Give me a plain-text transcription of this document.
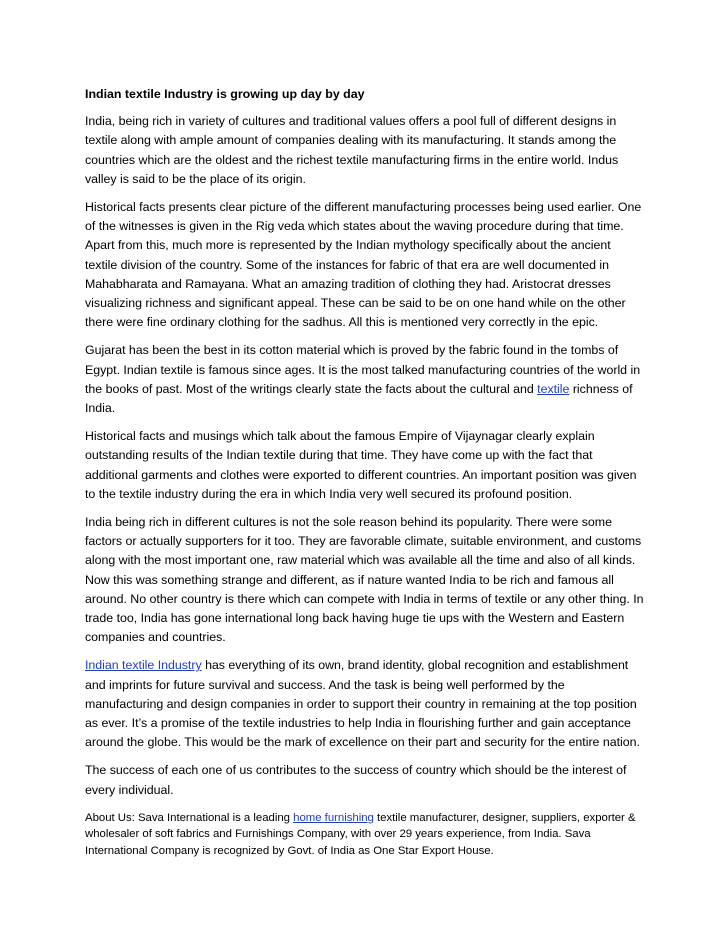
Indian textile Industry is growing up day by day

India, being rich in variety of cultures and traditional values offers a pool full of different designs in textile along with ample amount of companies dealing with its manufacturing. It stands among the countries which are the oldest and the richest textile manufacturing firms in the entire world. Indus valley is said to be the place of its origin.

Historical facts presents clear picture of the different manufacturing processes being used earlier. One of the witnesses is given in the Rig veda which states about the waving procedure during that time. Apart from this, much more is represented by the Indian mythology specifically about the ancient textile division of the country. Some of the instances for fabric of that era are well documented in Mahabharata and Ramayana. What an amazing tradition of clothing they had. Aristocrat dresses visualizing richness and significant appeal. These can be said to be on one hand while on the other there were fine ordinary clothing for the sadhus. All this is mentioned very correctly in the epic.

Gujarat has been the best in its cotton material which is proved by the fabric found in the tombs of Egypt. Indian textile is famous since ages. It is the most talked manufacturing countries of the world in the books of past. Most of the writings clearly state the facts about the cultural and textile richness of India.

Historical facts and musings which talk about the famous Empire of Vijaynagar clearly explain outstanding results of the Indian textile during that time. They have come up with the fact that additional garments and clothes were exported to different countries. An important position was given to the textile industry during the era in which India very well secured its profound position.

India being rich in different cultures is not the sole reason behind its popularity. There were some factors or actually supporters for it too. They are favorable climate, suitable environment, and customs along with the most important one, raw material which was available all the time and also of all kinds. Now this was something strange and different, as if nature wanted India to be rich and famous all around. No other country is there which can compete with India in terms of textile or any other thing. In trade too, India has gone international long back having huge tie ups with the Western and Eastern companies and countries.

Indian textile Industry has everything of its own, brand identity, global recognition and establishment and imprints for future survival and success. And the task is being well performed by the manufacturing and design companies in order to support their country in remaining at the top position as ever. It’s a promise of the textile industries to help India in flourishing further and gain acceptance around the globe. This would be the mark of excellence on their part and security for the entire nation.

The success of each one of us contributes to the success of country which should be the interest of every individual.

About Us: Sava International is a leading home furnishing textile manufacturer, designer, suppliers, exporter & wholesaler of soft fabrics and Furnishings Company, with over 29 years experience, from India. Sava International Company is recognized by Govt. of India as One Star Export House.
